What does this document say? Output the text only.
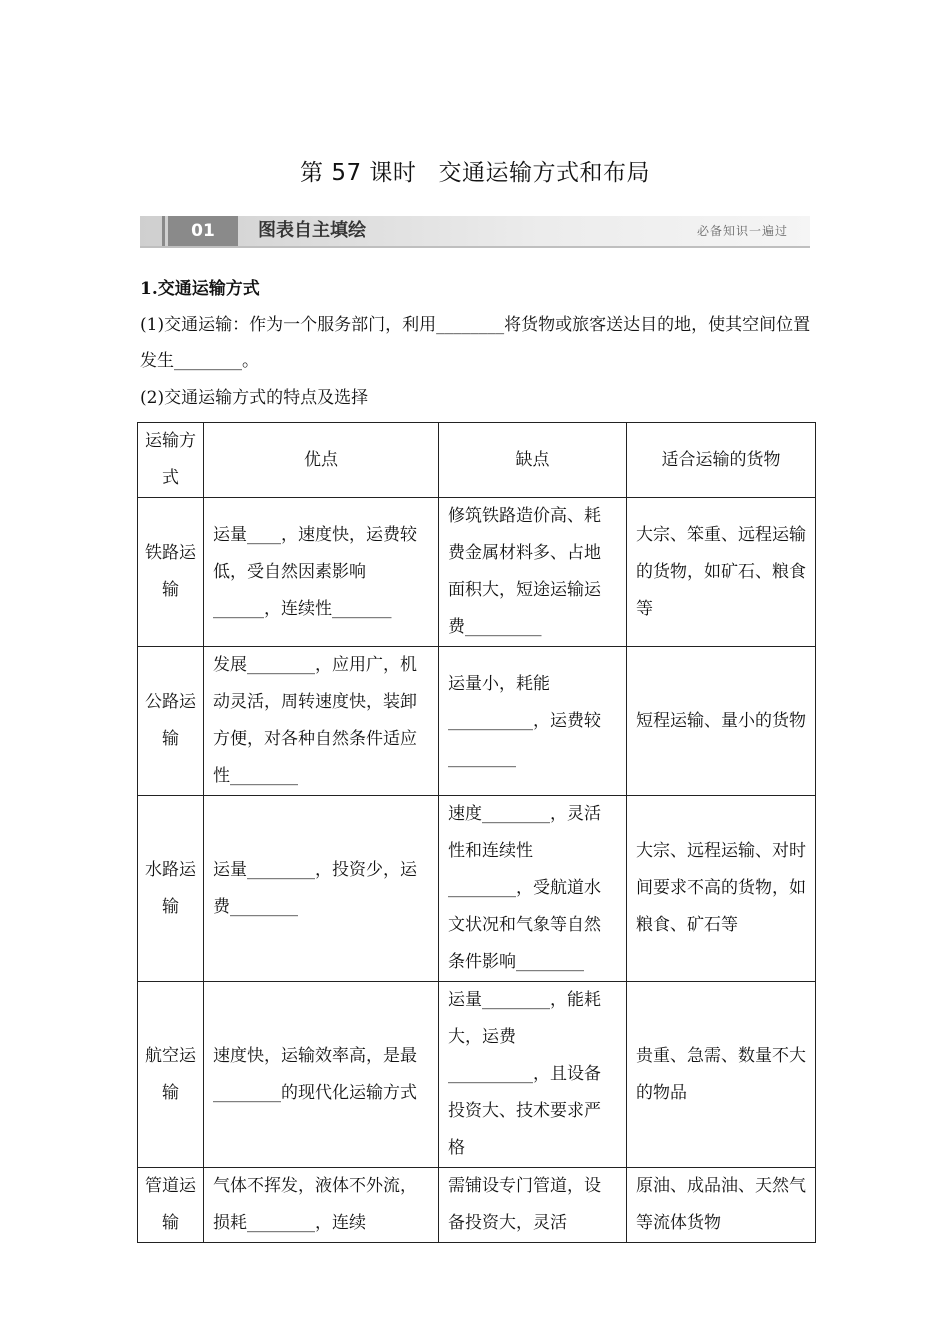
第 57 课时 交通运输方式和布局
01	图表自主填绘	必备知识一遍过
1.交通运输方式
(1)交通运输：作为一个服务部门，利用________将货物或旅客送达目的地，使其空间位置发生________。
(2)交通运输方式的特点及选择
运输方式	优点	缺点	适合运输的货物
铁路运输	运量____，速度快，运费较低，受自然因素影响______，连续性_______	修筑铁路造价高、耗费金属材料多、占地面积大，短途运输运费_________	大宗、笨重、远程运输的货物，如矿石、粮食等
公路运输	发展________，应用广，机动灵活，周转速度快，装卸方便，对各种自然条件适应性________	运量小，耗能__________，运费较________	短程运输、量小的货物
水路运输	运量________，投资少，运费________	速度________，灵活性和连续性________，受航道水文状况和气象等自然条件影响________	大宗、远程运输、对时间要求不高的货物，如粮食、矿石等
航空运输	速度快，运输效率高，是最________的现代化运输方式	运量________，能耗大，运费__________，且设备投资大、技术要求严格	贵重、急需、数量不大的物品

管道运输	气体不挥发，液体不外流，损耗________，连续	需铺设专门管道，设备投资大，灵活	原油、成品油、天然气等流体货物
